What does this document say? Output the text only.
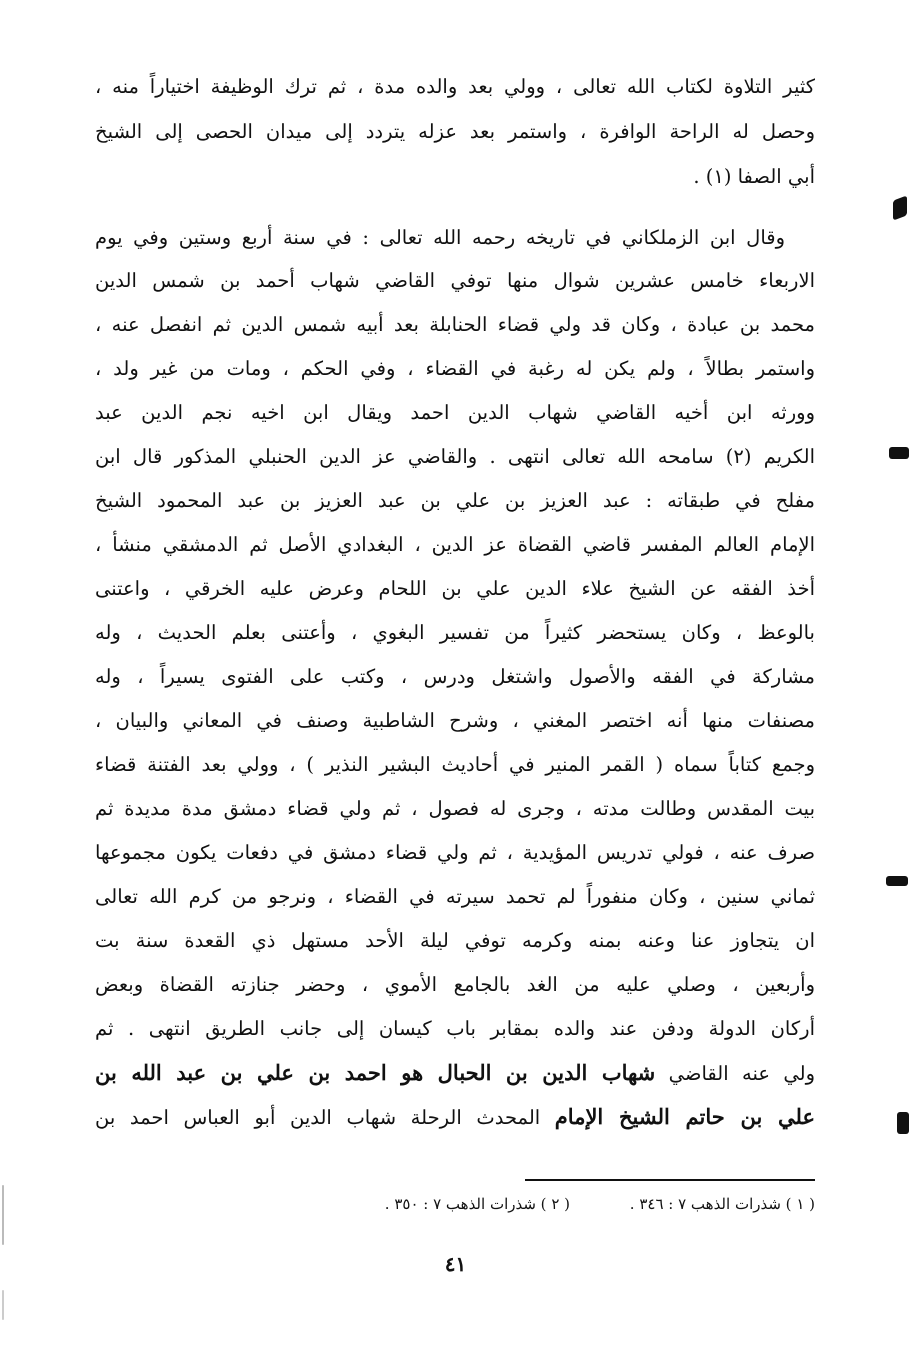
كثير التلاوة لكتاب الله تعالى ، وولي بعد والده مدة ، ثم ترك الوظيفة اختياراً منه ،
وحصل له الراحة الوافرة ، واستمر بعد عزله يتردد إلى ميدان الحصى إلى الشيخ
أبي الصفا (١) .
وقال ابن الزملكاني في تاريخه رحمه الله تعالى : في سنة أربع وستين وفي يوم
الاربعاء خامس عشرين شوال منها توفي القاضي شهاب أحمد بن شمس الدين
محمد بن عبادة ، وكان قد ولي قضاء الحنابلة بعد أبيه شمس الدين ثم انفصل عنه ،
واستمر بطالاً ، ولم يكن له رغبة في القضاء ، وفي الحكم ، ومات من غير ولد ،
وورثه ابن أخيه القاضي شهاب الدين احمد ويقال ابن اخيه نجم الدين عبد
الكريم (٢) سامحه الله تعالى انتهى . والقاضي عز الدين الحنبلي المذكور قال ابن
مفلح في طبقاته : عبد العزيز بن علي بن عبد العزيز بن عبد المحمود الشيخ
الإمام العالم المفسر قاضي القضاة عز الدين ، البغدادي الأصل ثم الدمشقي منشأ ،
أخذ الفقه عن الشيخ علاء الدين علي بن اللحام وعرض عليه الخرقي ، واعتنى
بالوعظ ، وكان يستحضر كثيراً من تفسير البغوي ، وأعتنى بعلم الحديث ، وله
مشاركة في الفقه والأصول واشتغل ودرس ، وكتب على الفتوى يسيراً ، وله
مصنفات منها أنه اختصر المغني ، وشرح الشاطبية وصنف في المعاني والبيان ،
وجمع كتاباً سماه ( القمر المنير في أحاديث البشير النذير ) ، وولي بعد الفتنة قضاء
بيت المقدس وطالت مدته ، وجرى له فصول ، ثم ولي قضاء دمشق مدة مديدة ثم
صرف عنه ، فولي تدريس المؤيدية ، ثم ولي قضاء دمشق في دفعات يكون مجموعها
ثماني سنين ، وكان منفوراً لم تحمد سيرته في القضاء ، ونرجو من كرم الله تعالى
ان يتجاوز عنا وعنه بمنه وكرمه توفي ليلة الأحد مستهل ذي القعدة سنة بت
وأربعين ، وصلي عليه من الغد بالجامع الأموي ، وحضر جنازته القضاة وبعض
أركان الدولة ودفن عند والده بمقابر باب كيسان إلى جانب الطريق انتهى . ثم
ولي عنه القاضي شهاب الدين بن الحبال هو احمد بن علي بن عبد الله بن
علي بن حاتم الشيخ الإمام المحدث الرحلة شهاب الدين أبو العباس احمد بن
( ١ ) شذرات الذهب ٧ : ٣٤٦ . ( ٢ ) شذرات الذهب ٧ : ٣٥٠ .
٤١
